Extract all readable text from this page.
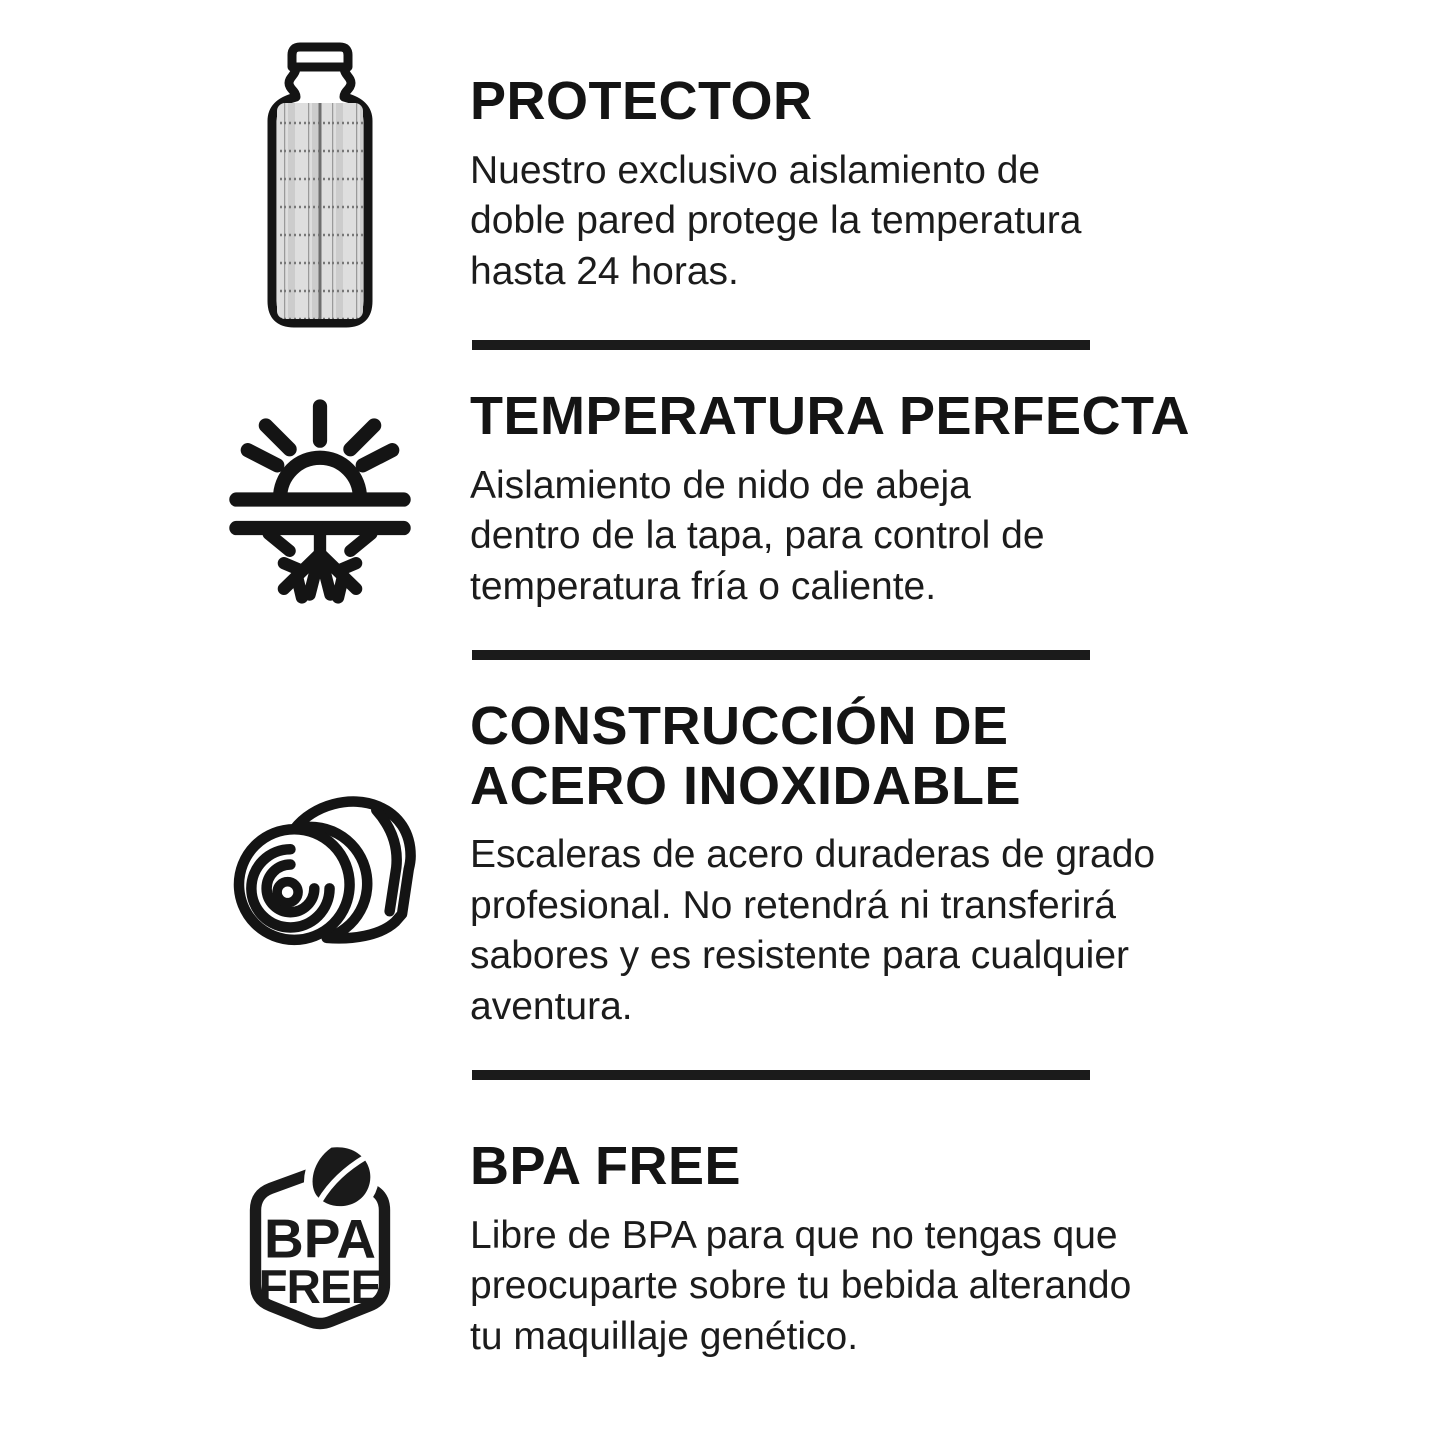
PROTECTOR
Nuestro exclusivo aislamiento de
doble pared protege la temperatura
hasta 24 horas.
TEMPERATURA PERFECTA
Aislamiento de nido de abeja
dentro de la tapa, para control de
temperatura fría o caliente.
CONSTRUCCIÓN DE
ACERO INOXIDABLE
Escaleras de acero duraderas de grado
profesional. No retendrá ni transferirá
sabores y es resistente para cualquier
aventura.
BPA
FREE
BPA FREE
Libre de BPA para que no tengas que
preocuparte sobre tu bebida alterando
tu maquillaje genético.
